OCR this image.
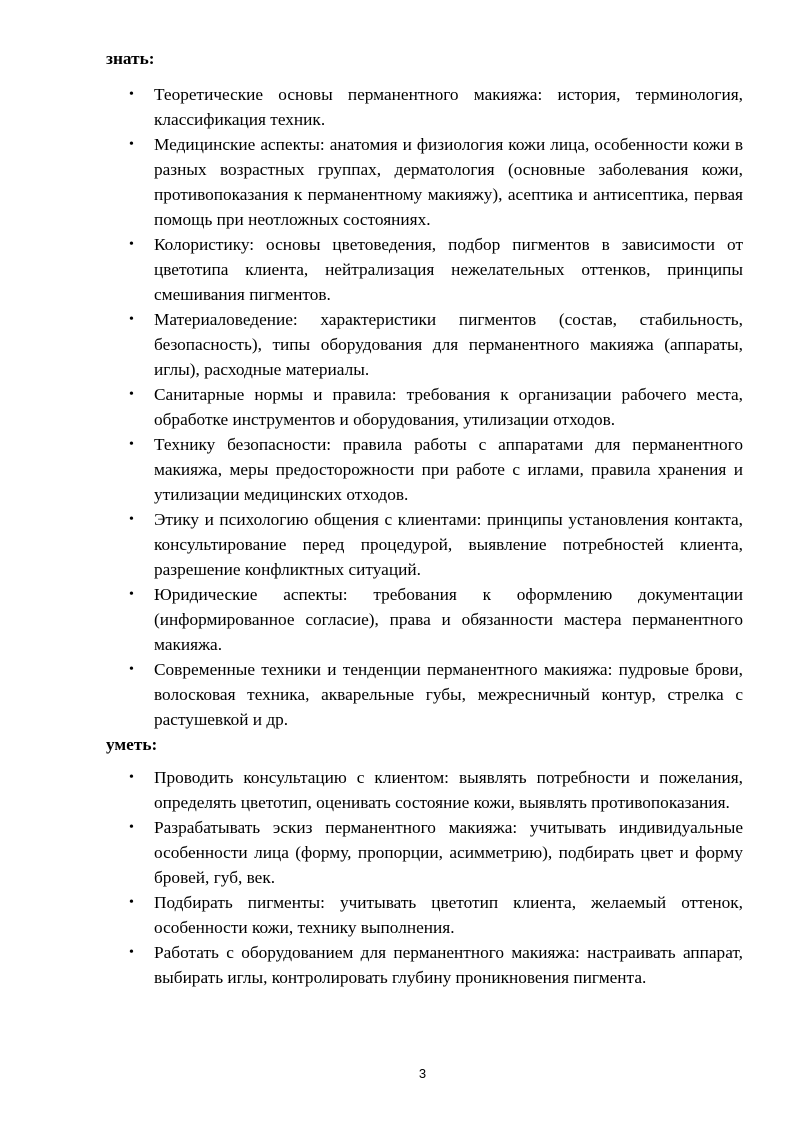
знать:

• Теоретические основы перманентного макияжа: история, терминология, классификация техник.
• Медицинские аспекты: анатомия и физиология кожи лица, особенности кожи в разных возрастных группах, дерматология (основные заболевания кожи, противопоказания к перманентному макияжу), асептика и антисептика, первая помощь при неотложных состояниях.
• Колористику: основы цветоведения, подбор пигментов в зависимости от цветотипа клиента, нейтрализация нежелательных оттенков, принципы смешивания пигментов.
• Материаловедение: характеристики пигментов (состав, стабильность, безопасность), типы оборудования для перманентного макияжа (аппараты, иглы), расходные материалы.
• Санитарные нормы и правила: требования к организации рабочего места, обработке инструментов и оборудования, утилизации отходов.
• Технику безопасности: правила работы с аппаратами для перманентного макияжа, меры предосторожности при работе с иглами, правила хранения и утилизации медицинских отходов.
• Этику и психологию общения с клиентами: принципы установления контакта, консультирование перед процедурой, выявление потребностей клиента, разрешение конфликтных ситуаций.
• Юридические аспекты: требования к оформлению документации (информированное согласие), права и обязанности мастера перманентного макияжа.
• Современные техники и тенденции перманентного макияжа: пудровые брови, волосковая техника, акварельные губы, межресничный контур, стрелка с растушевкой и др.

уметь:

• Проводить консультацию с клиентом: выявлять потребности и пожелания, определять цветотип, оценивать состояние кожи, выявлять противопоказания.
• Разрабатывать эскиз перманентного макияжа: учитывать индивидуальные особенности лица (форму, пропорции, асимметрию), подбирать цвет и форму бровей, губ, век.
• Подбирать пигменты: учитывать цветотип клиента, желаемый оттенок, особенности кожи, технику выполнения.
• Работать с оборудованием для перманентного макияжа: настраивать аппарат, выбирать иглы, контролировать глубину проникновения пигмента.
3
